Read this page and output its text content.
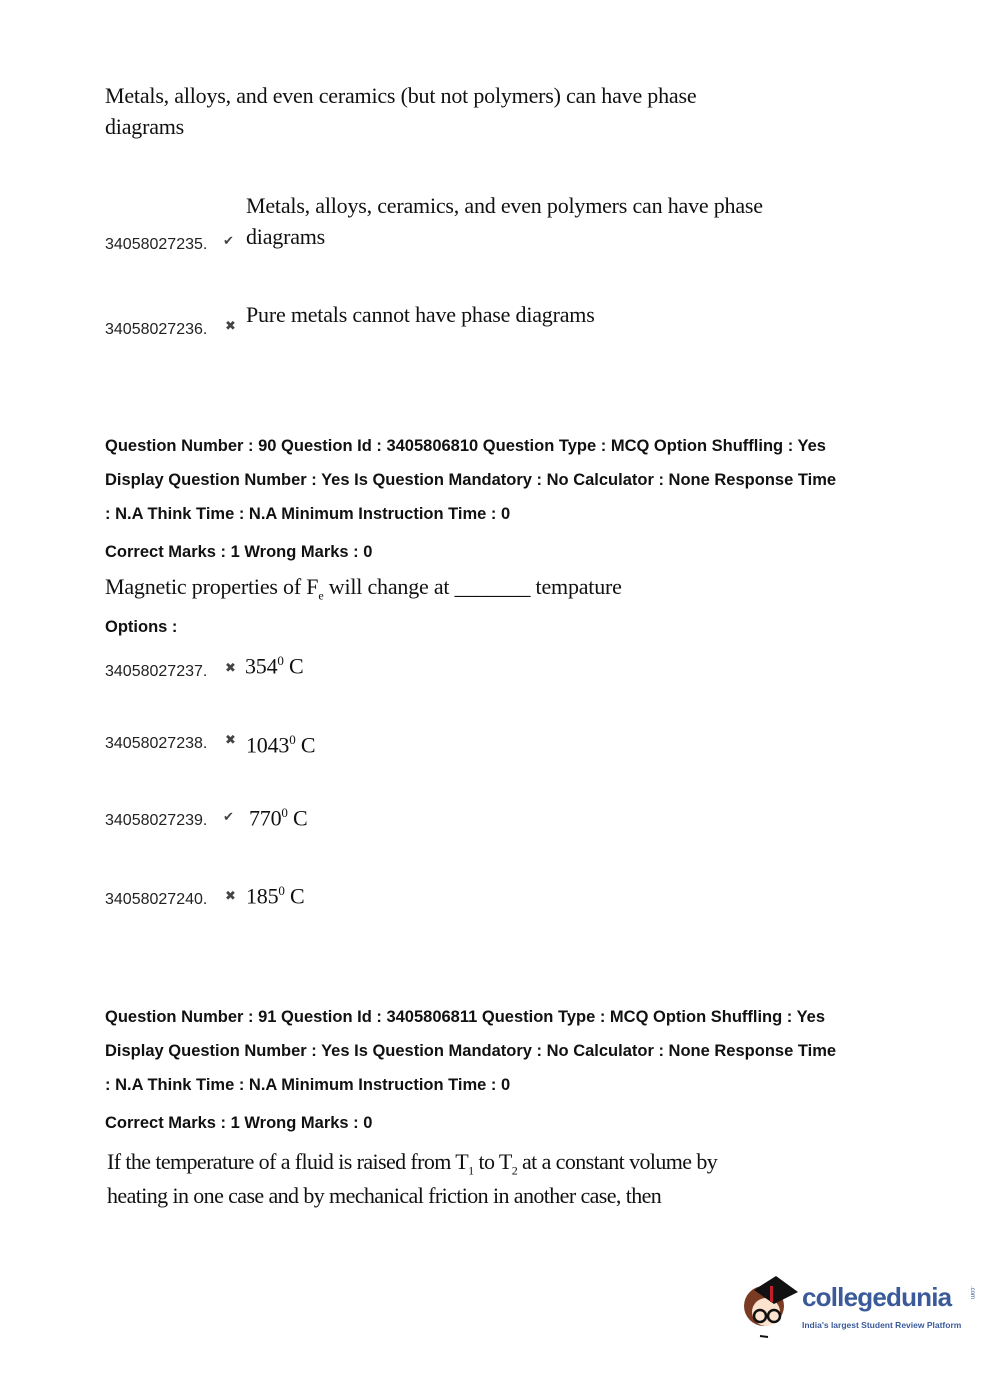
Metals, alloys, and even ceramics (but not polymers) can have phase diagrams
34058027235. ✔
Metals, alloys, ceramics, and even polymers can have phase diagrams
34058027236. ✖ Pure metals cannot have phase diagrams
Question Number : 90 Question Id : 3405806810 Question Type : MCQ Option Shuffling : Yes
Display Question Number : Yes Is Question Mandatory : No Calculator : None Response Time
: N.A Think Time : N.A Minimum Instruction Time : 0
Correct Marks : 1 Wrong Marks : 0
Magnetic properties of $F_e$ will change at _______ tempature
Options :
34058027237. ✖ $354^0$ C
34058027238. ✖ 1043$^0$ C
34058027239. ✔ $770^0$ C
34058027240. ✖ $185^0$ C
Question Number : 91 Question Id : 3405806811 Question Type : MCQ Option Shuffling : Yes
Display Question Number : Yes Is Question Mandatory : No Calculator : None Response Time
: N.A Think Time : N.A Minimum Instruction Time : 0
Correct Marks : 1 Wrong Marks : 0
If the temperature of a fluid is raised from $T_1$ to $T_2$ at a constant volume by
heating in one case and by mechanical friction in another case, then
collegedunia	.com
India's largest Student Review Platform
